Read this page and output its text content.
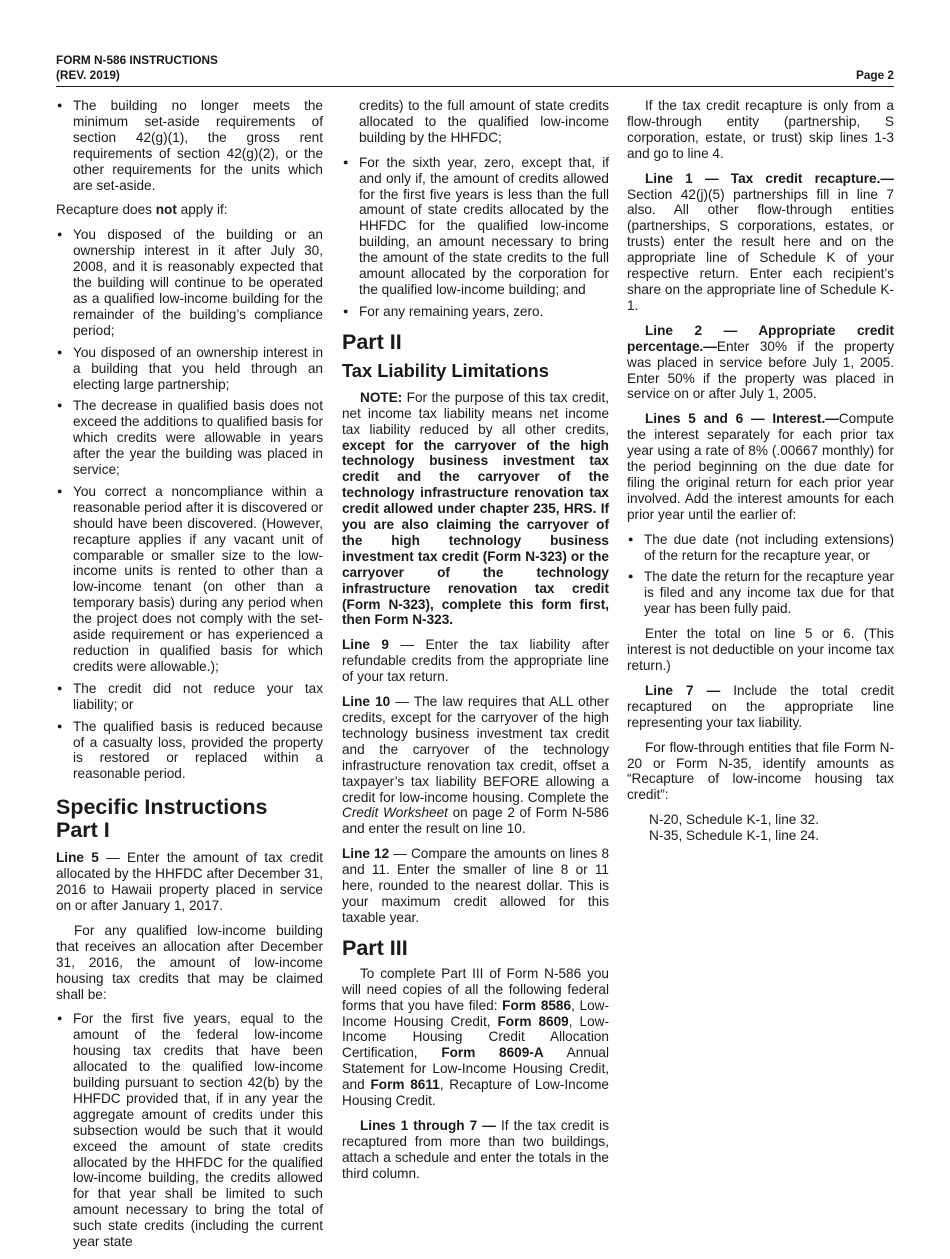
FORM N-586 INSTRUCTIONS
(REV. 2019)	Page 2
● The building no longer meets the minimum set-aside requirements of section 42(g)(1), the gross rent requirements of section 42(g)(2), or the other requirements for the units which are set-aside.

Recapture does not apply if:

● You disposed of the building or an ownership interest in it after July 30, 2008, and it is reasonably expected that the building will continue to be operated as a qualified low-income building for the remainder of the building’s compliance period;
● You disposed of an ownership interest in a building that you held through an electing large partnership;
● The decrease in qualified basis does not exceed the additions to qualified basis for which credits were allowable in years after the year the building was placed in service;
● You correct a noncompliance within a reasonable period after it is discovered or should have been discovered. (However, recapture applies if any vacant unit of comparable or smaller size to the low-income units is rented to other than a low-income tenant (on other than a temporary basis) during any period when the project does not comply with the set-aside requirement or has experienced a reduction in qualified basis for which credits were allowable.);
● The credit did not reduce your tax liability; or
● The qualified basis is reduced because of a casualty loss, provided the property is restored or replaced within a reasonable period.
Specific Instructions
Part I

Line 5 — Enter the amount of tax credit allocated by the HHFDC after December 31, 2016 to Hawaii property placed in service on or after January 1, 2017.

For any qualified low-income building that receives an allocation after December 31, 2016, the amount of low-income housing tax credits that may be claimed shall be:

● For the first five years, equal to the amount of the federal low-income housing tax credits that have been allocated to the qualified low-income building pursuant to section 42(b) by the HHFDC provided that, if in any year the aggregate amount of credits under this subsection would be such that it would exceed the amount of state credits allocated by the HHFDC for the qualified low-income building, the credits allowed for that year shall be limited to such amount necessary to bring the total of such state credits (including the current year state

credits) to the full amount of state credits allocated to the qualified low-income building by the HHFDC;

● For the sixth year, zero, except that, if and only if, the amount of credits allowed for the first five years is less than the full amount of state credits allocated by the HHFDC for the qualified low-income building, an amount necessary to bring the amount of the state credits to the full amount allocated by the corporation for the qualified low-income building; and
● For any remaining years, zero.
Part II
Tax Liability Limitations

NOTE: For the purpose of this tax credit, net income tax liability means net income tax liability reduced by all other credits, except for the carryover of the high technology business investment tax credit and the carryover of the technology infrastructure renovation tax credit allowed under chapter 235, HRS. If you are also claiming the carryover of the high technology business investment tax credit (Form N-323) or the carryover of the technology infrastructure renovation tax credit (Form N-323), complete this form first, then Form N-323.

Line 9 — Enter the tax liability after refundable credits from the appropriate line of your tax return.

Line 10 — The law requires that ALL other credits, except for the carryover of the high technology business investment tax credit and the carryover of the technology infrastructure renovation tax credit, offset a taxpayer’s tax liability BEFORE allowing a credit for low-income housing. Complete the Credit Worksheet on page 2 of Form N-586 and enter the result on line 10.

Line 12 — Compare the amounts on lines 8 and 11. Enter the smaller of line 8 or 11 here, rounded to the nearest dollar. This is your maximum credit allowed for this taxable year.

Part III

To complete Part III of Form N-586 you will need copies of all the following federal forms that you have filed: Form 8586, Low-Income Housing Credit, Form 8609, Low-Income Housing Credit Allocation Certification, Form 8609-A Annual Statement for Low-Income Housing Credit, and Form 8611, Recapture of Low-Income Housing Credit.

Lines 1 through 7 — If the tax credit is recaptured from more than two buildings, attach a schedule and enter the totals in the third column.

If the tax credit recapture is only from a flow-through entity (partnership, S corporation, estate, or trust) skip lines 1-3 and go to line 4.

Line 1 — Tax credit recapture.— Section 42(j)(5) partnerships fill in line 7 also. All other flow-through entities (partnerships, S corporations, estates, or trusts) enter the result here and on the appropriate line of Schedule K of your respective return. Enter each recipient’s share on the appropriate line of Schedule K-1.

Line 2 — Appropriate credit percentage.—Enter 30% if the property was placed in service before July 1, 2005. Enter 50% if the property was placed in service on or after July 1, 2005.

Lines 5 and 6 — Interest.—Compute the interest separately for each prior tax year using a rate of 8% (.00667 monthly) for the period beginning on the due date for filing the original return for each prior year involved. Add the interest amounts for each prior year until the earlier of:

● The due date (not including extensions) of the return for the recapture year, or
● The date the return for the recapture year is filed and any income tax due for that year has been fully paid.

Enter the total on line 5 or 6. (This interest is not deductible on your income tax return.)

Line 7 — Include the total credit recaptured on the appropriate line representing your tax liability.

For flow-through entities that file Form N-20 or Form N-35, identify amounts as “Recapture of low-income housing tax credit”:

N-20, Schedule K-1, line 32.
N-35, Schedule K-1, line 24.
